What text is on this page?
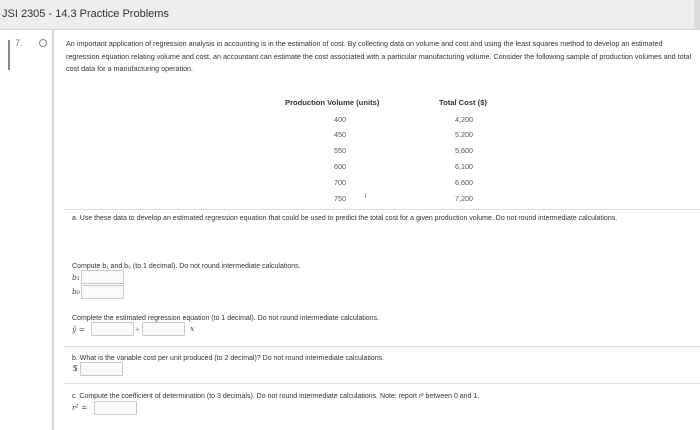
JSI 2305 - 14.3 Practice Problems
7.	An important application of regression analysis in accounting is in the estimation of cost. By collecting data on volume and cost and using the least squares method to develop an estimated regression equation relating volume and cost, an accountant can estimate the cost associated with a particular manufacturing volume. Consider the following sample of production volumes and total cost data for a manufacturing operation.
Production Volume (units)	Total Cost ($)
400	4,200
450	5,200
550	5,600
600	6,100
700	6,600
750	7,200
a. Use these data to develop an estimated regression equation that could be used to predict the total cost for a given production volume. Do not round intermediate calculations.
Compute b₁ and b₀ (to 1 decimal). Do not round intermediate calculations.
b₁
b₀
Complete the estimated regression equation (to 1 decimal). Do not round intermediate calculations.
ŷ =	+	x
b. What is the variable cost per unit produced (to 2 decimal)? Do not round intermediate calculations.
$
c. Compute the coefficient of determination (to 3 decimals). Do not round intermediate calculations. Note: report r² between 0 and 1.
r² =
